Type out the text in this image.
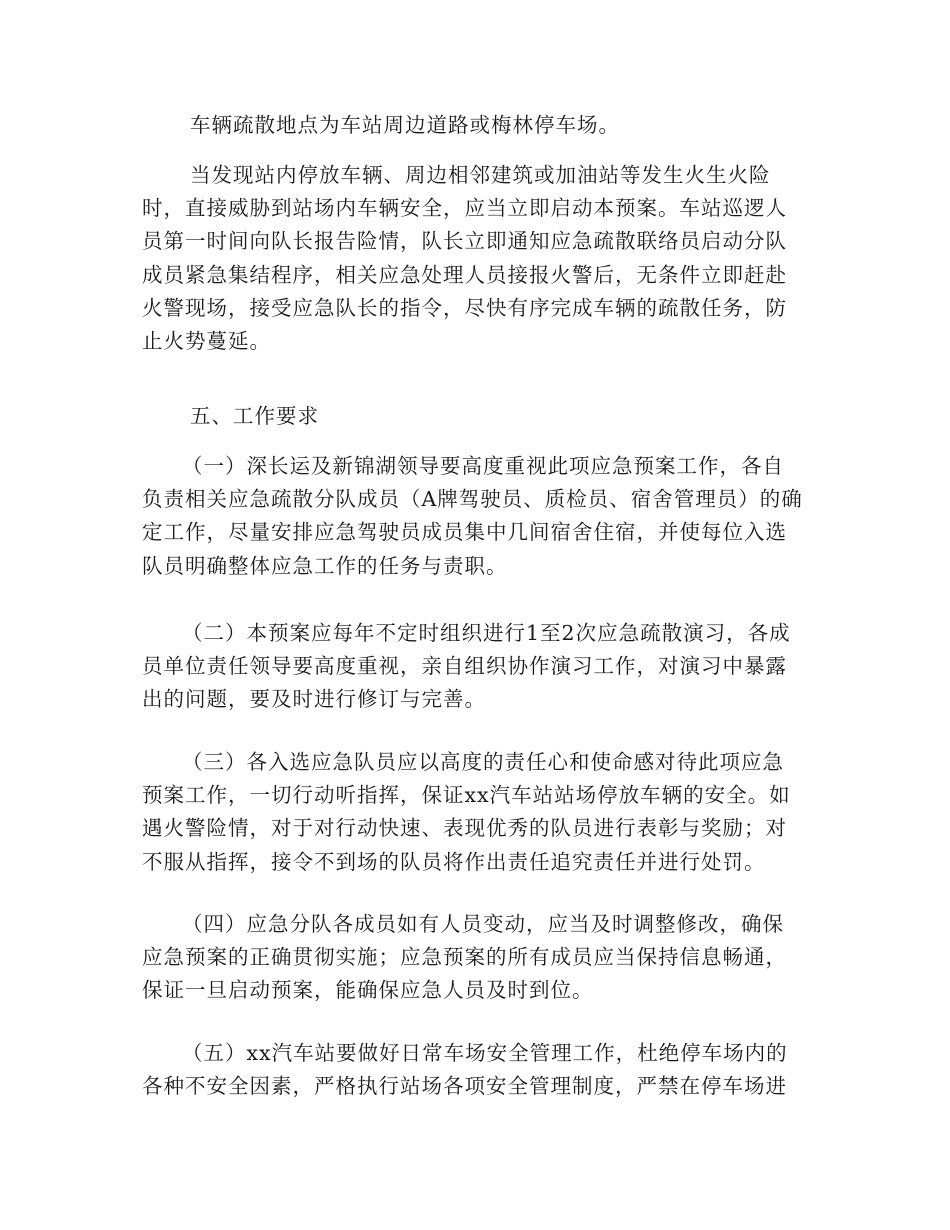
车辆疏散地点为车站周边道路或梅林停车场。
当发现站内停放车辆、周边相邻建筑或加油站等发生火生火险
时，直接威胁到站场内车辆安全，应当立即启动本预案。车站巡逻人
员第一时间向队长报告险情，队长立即通知应急疏散联络员启动分队
成员紧急集结程序，相关应急处理人员接报火警后，无条件立即赶赴
火警现场，接受应急队长的指令，尽快有序完成车辆的疏散任务，防
止火势蔓延。
五、工作要求
（一）深长运及新锦湖领导要高度重视此项应急预案工作，各自
负责相关应急疏散分队成员（A牌驾驶员、质检员、宿舍管理员）的确
定工作，尽量安排应急驾驶员成员集中几间宿舍住宿，并使每位入选
队员明确整体应急工作的任务与责职。
（二）本预案应每年不定时组织进行1至2次应急疏散演习，各成
员单位责任领导要高度重视，亲自组织协作演习工作，对演习中暴露
出的问题，要及时进行修订与完善。
（三）各入选应急队员应以高度的责任心和使命感对待此项应急
预案工作，一切行动听指挥，保证xx汽车站站场停放车辆的安全。如
遇火警险情，对于对行动快速、表现优秀的队员进行表彰与奖励；对
不服从指挥，接令不到场的队员将作出责任追究责任并进行处罚。
（四）应急分队各成员如有人员变动，应当及时调整修改，确保
应急预案的正确贯彻实施；应急预案的所有成员应当保持信息畅通，
保证一旦启动预案，能确保应急人员及时到位。
（五）xx汽车站要做好日常车场安全管理工作，杜绝停车场内的
各种不安全因素，严格执行站场各项安全管理制度，严禁在停车场进
